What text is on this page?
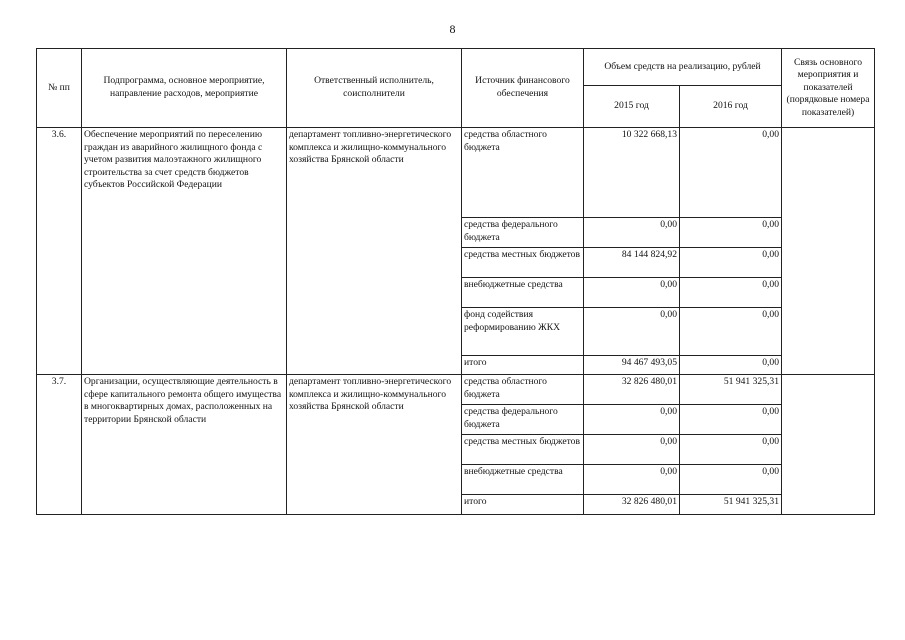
8
№ пп	Подпрограмма, основное мероприятие, направление расходов, мероприятие	Ответственный исполнитель, соисполнители	Источник финансового обеспечения	Объем средств на реализацию, рублей		Связь основного мероприятия и показателей (порядковые номера показателей)
				2015 год	2016 год	
3.6.	Обеспечение мероприятий по переселению граждан из аварийного жилищного фонда с учетом развития малоэтажного жилищного строительства за счет средств бюджетов субъектов Российской Федерации	департамент топливно-энергетического комплекса и жилищно-коммунального хозяйства Брянской области	средства областного бюджета	10 322 668,13	0,00	
			средства федерального бюджета	0,00	0,00	
			средства местных бюджетов	84 144 824,92	0,00	
			внебюджетные средства	0,00	0,00	
			фонд содействия реформированию ЖКХ	0,00	0,00	
			итого	94 467 493,05	0,00	
3.7.	Организации, осуществляющие деятельность в сфере капитального ремонта общего имущества в многоквартирных домах, расположенных на территории Брянской области	департамент топливно-энергетического комплекса и жилищно-коммунального хозяйства Брянской области	средства областного бюджета	32 826 480,01	51 941 325,31	
			средства федерального бюджета	0,00	0,00	
			средства местных бюджетов	0,00	0,00	
			внебюджетные средства	0,00	0,00	
			итого	32 826 480,01	51 941 325,31	
